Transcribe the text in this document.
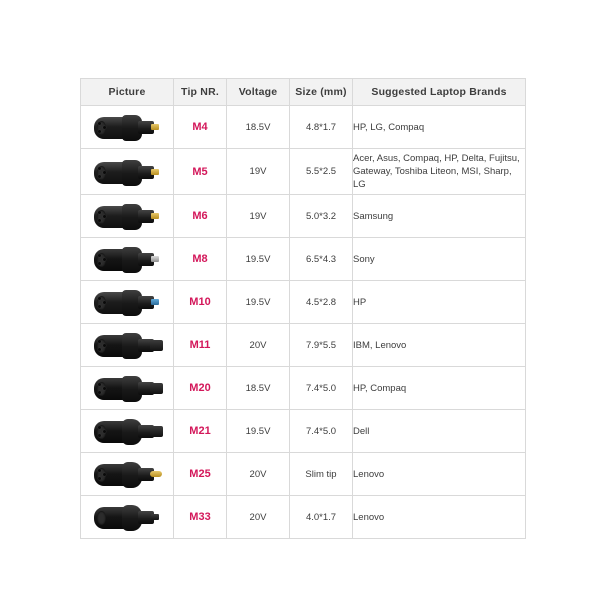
Picture	Tip NR.	Voltage	Size (mm)	Suggested Laptop Brands

	M4	18.5V	4.8*1.7	HP, LG, Compaq

	M5	19V	5.5*2.5	Acer, Asus, Compaq, HP, Delta, Fujitsu, Gateway, Toshiba Liteon, MSI, Sharp, LG

	M6	19V	5.0*3.2	Samsung

	M8	19.5V	6.5*4.3	Sony

	M10	19.5V	4.5*2.8	HP

	M11	20V	7.9*5.5	IBM, Lenovo

	M20	18.5V	7.4*5.0	HP, Compaq

	M21	19.5V	7.4*5.0	Dell

	M25	20V	Slim tip	Lenovo

	M33	20V	4.0*1.7	Lenovo
